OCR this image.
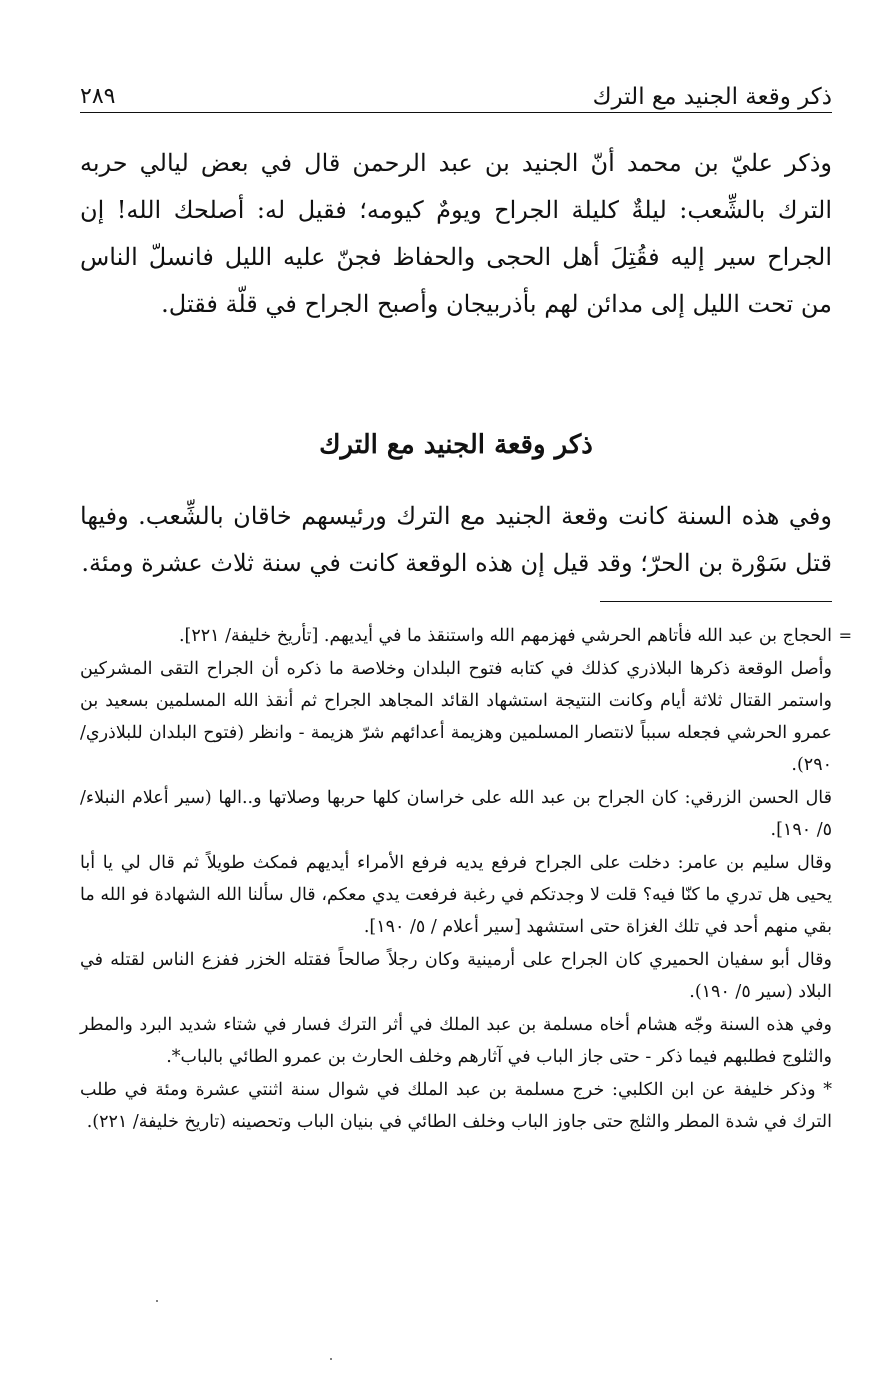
ذكر وقعة الجنيد مع الترك
٢٨٩

وذكر عليّ بن محمد أنّ الجنيد بن عبد الرحمن قال في بعض ليالي حربه الترك بالشِّعب: ليلةٌ كليلة الجراح ويومٌ كيومه؛ فقيل له: أصلحك الله! إن الجراح سير إليه فقُتِلَ أهل الحجى والحفاظ فجنّ عليه الليل فانسلّ الناس من تحت الليل إلى مدائن لهم بأذربيجان وأصبح الجراح في قلّة فقتل.

ذكر وقعة الجنيد مع الترك

وفي هذه السنة كانت وقعة الجنيد مع الترك ورئيسهم خاقان بالشِّعب. وفيها قتل سَوْرة بن الحرّ؛ وقد قيل إن هذه الوقعة كانت في سنة ثلاث عشرة ومئة.

=

الحجاج بن عبد الله فأتاهم الحرشي فهزمهم الله واستنقذ ما في أيديهم. [تأريخ خليفة/ ٢٢١].

وأصل الوقعة ذكرها البلاذري كذلك في كتابه فتوح البلدان وخلاصة ما ذكره أن الجراح التقى المشركين واستمر القتال ثلاثة أيام وكانت النتيجة استشهاد القائد المجاهد الجراح ثم أنقذ الله المسلمين بسعيد بن عمرو الحرشي فجعله سبباً لانتصار المسلمين وهزيمة أعدائهم شرّ هزيمة - وانظر (فتوح البلدان للبلاذري/ ٢٩٠).

قال الحسن الزرقي: كان الجراح بن عبد الله على خراسان كلها حربها وصلاتها و..الها (سير أعلام النبلاء/ ٥/ ١٩٠].

وقال سليم بن عامر: دخلت على الجراح فرفع يديه فرفع الأمراء أيديهم فمكث طويلاً ثم قال لي يا أبا يحيى هل تدري ما كنّا فيه؟ قلت لا وجدتكم في رغبة فرفعت يدي معكم، قال سألنا الله الشهادة فو الله ما بقي منهم أحد في تلك الغزاة حتى استشهد [سير أعلام / ٥/ ١٩٠].

وقال أبو سفيان الحميري كان الجراح على أرمينية وكان رجلاً صالحاً فقتله الخزر ففزع الناس لقتله في البلاد (سير ٥/ ١٩٠).

وفي هذه السنة وجّه هشام أخاه مسلمة بن عبد الملك في أثر الترك فسار في شتاء شديد البرد والمطر والثلوج فطلبهم فيما ذكر - حتى جاز الباب في آثارهم وخلف الحارث بن عمرو الطائي بالباب*.

* وذكر خليفة عن ابن الكلبي: خرج مسلمة بن عبد الملك في شوال سنة اثنتي عشرة ومئة في طلب الترك في شدة المطر والثلج حتى جاوز الباب وخلف الطائي في بنيان الباب وتحصينه (تاريخ خليفة/ ٢٢١).
